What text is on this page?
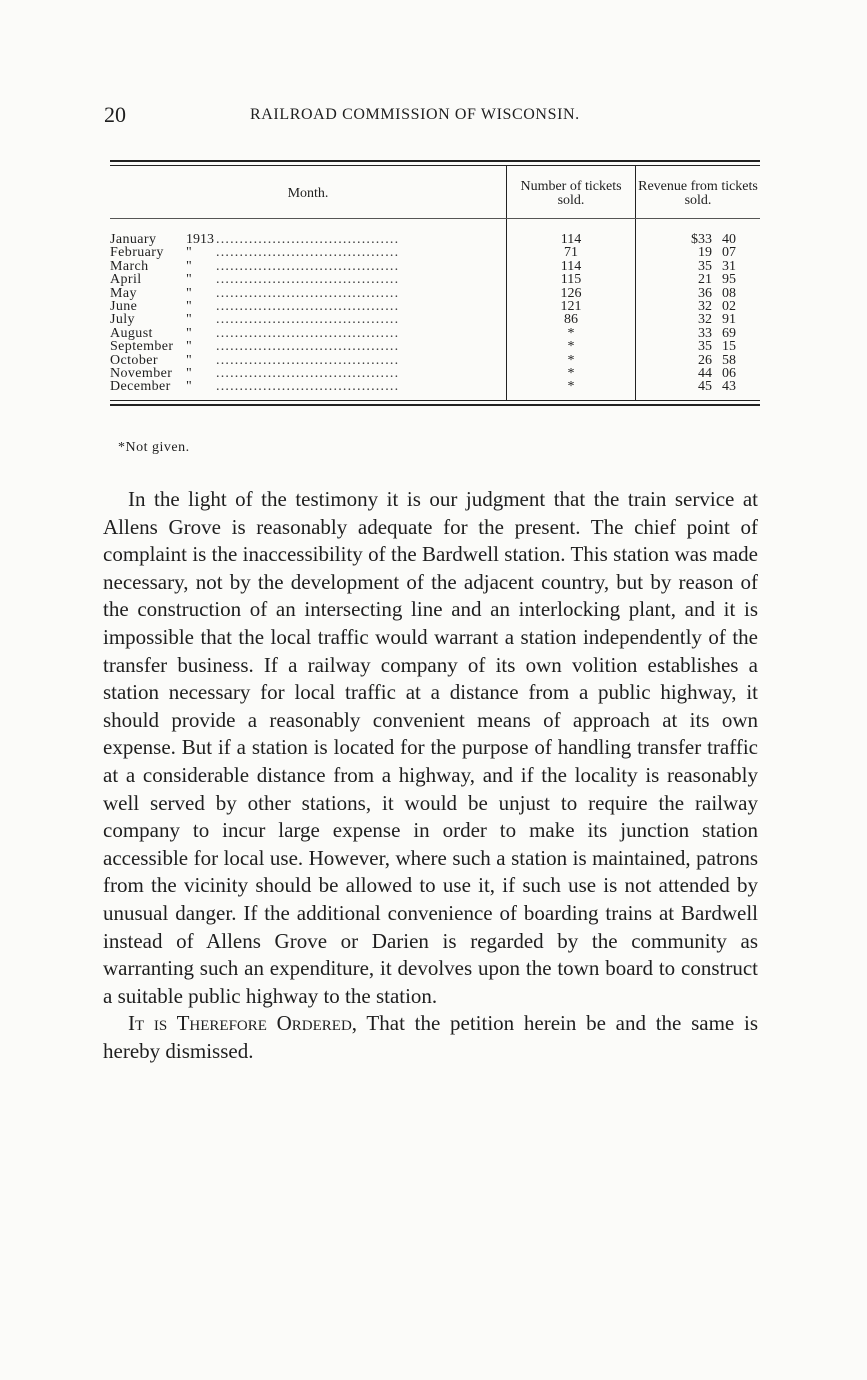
20	RAILROAD COMMISSION OF WISCONSIN.
Month.	Number of tickets sold.	Revenue from tickets sold.

January 1913 .......................................	114	$33 40
February " .......................................	71	19 07
March " .......................................	114	35 31
April " .......................................	115	21 95
May " .......................................	126	36 08
June " .......................................	121	32 02
July " .......................................	86	32 91
August " .......................................	*	33 69
September " .......................................	*	35 15
October " .......................................	*	26 58
November " .......................................	*	44 06
December " .......................................	*	45 43

*Not given.

In the light of the testimony it is our judgment that the train service at Allens Grove is reasonably adequate for the present. The chief point of complaint is the inaccessibility of the Bardwell station. This station was made necessary, not by the development of the adjacent country, but by reason of the construction of an intersecting line and an interlocking plant, and it is impossible that the local traffic would warrant a station independently of the transfer business. If a railway company of its own volition establishes a station necessary for local traffic at a distance from a public highway, it should provide a reasonably convenient means of approach at its own expense. But if a station is located for the purpose of handling transfer traffic at a considerable distance from a highway, and if the locality is reasonably well served by other stations, it would be unjust to require the railway company to incur large expense in order to make its junction station accessible for local use. However, where such a station is maintained, patrons from the vicinity should be allowed to use it, if such use is not attended by unusual danger. If the additional convenience of boarding trains at Bardwell instead of Allens Grove or Darien is regarded by the community as warranting such an expenditure, it devolves upon the town board to construct a suitable public highway to the station.

It is Therefore Ordered, That the petition herein be and the same is hereby dismissed.
